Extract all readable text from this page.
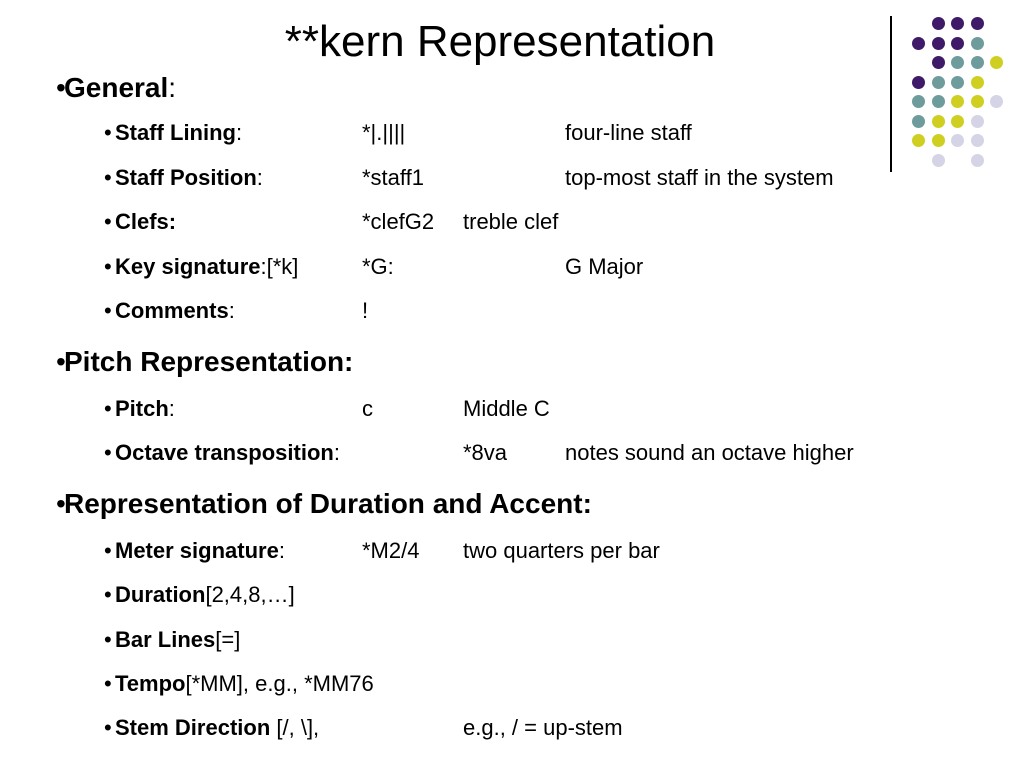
**kern Representation
•
General:
• Staff Lining:	*|.||||	four-line staff
• Staff Position:	*staff1	top-most staff in the system
• Clefs:	*clefG2 treble clef
• Key signature:[*k]	*G:	G Major
• Comments:	!
•
Pitch Representation:
• Pitch:	c	Middle C
• Octave transposition:	*8va	notes sound an octave higher
•
Representation of Duration and Accent:
• Meter signature:	*M2/4 two quarters per bar
• Duration[2,4,8,…]
• Bar Lines[=]
• Tempo[*MM], e.g., *MM76
• Stem Direction [/, \],	e.g., / = up-stem
